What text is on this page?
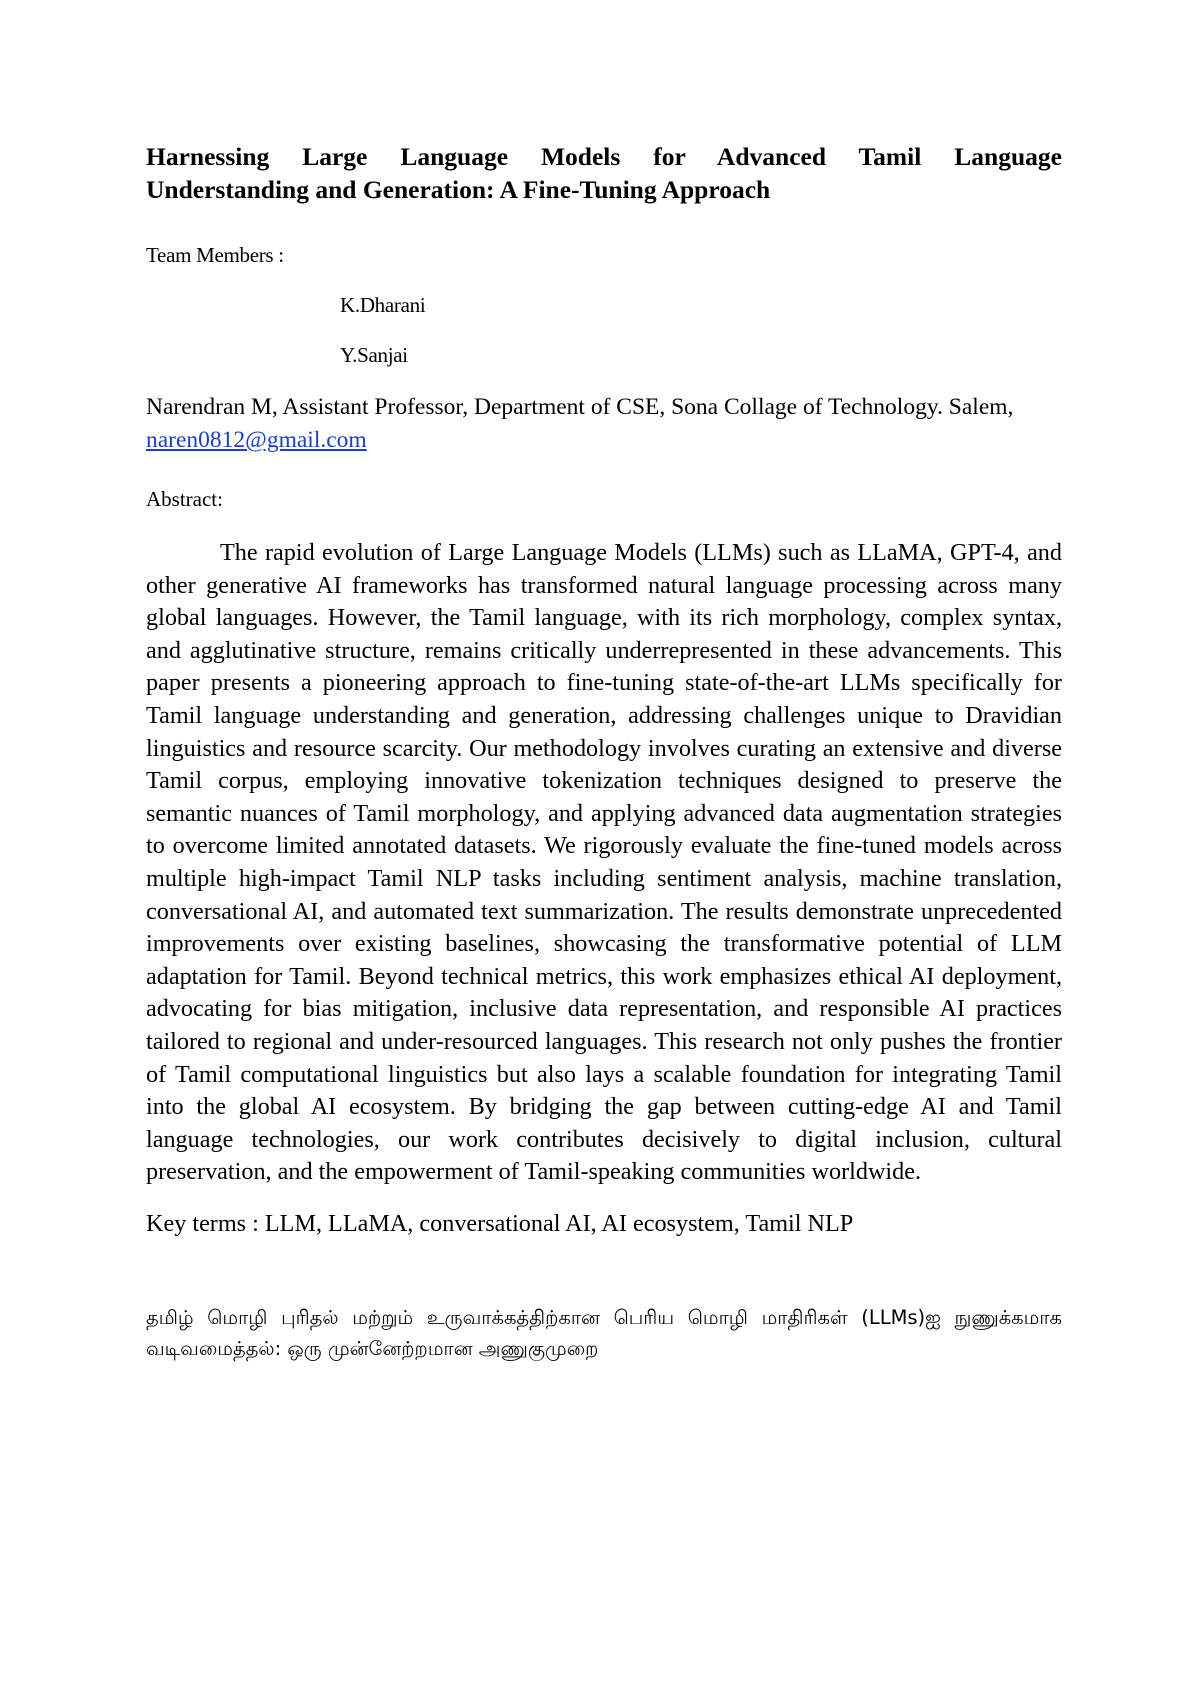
Harnessing Large Language Models for Advanced Tamil Language
Understanding and Generation: A Fine-Tuning Approach
Team Members :
K.Dharani
Y.Sanjai
Narendran M, Assistant Professor, Department of CSE, Sona Collage of Technology. Salem, naren0812@gmail.com
Abstract:

The rapid evolution of Large Language Models (LLMs) such as LLaMA, GPT-4, and other generative AI frameworks has transformed natural language processing across many global languages. However, the Tamil language, with its rich morphology, complex syntax, and agglutinative structure, remains critically underrepresented in these advancements. This paper presents a pioneering approach to fine-tuning state-of-the-art LLMs specifically for Tamil language understanding and generation, addressing challenges unique to Dravidian linguistics and resource scarcity. Our methodology involves curating an extensive and diverse Tamil corpus, employing innovative tokenization techniques designed to preserve the semantic nuances of Tamil morphology, and applying advanced data augmentation strategies to overcome limited annotated datasets. We rigorously evaluate the fine-tuned models across multiple high-impact Tamil NLP tasks including sentiment analysis, machine translation, conversational AI, and automated text summarization. The results demonstrate unprecedented improvements over existing baselines, showcasing the transformative potential of LLM adaptation for Tamil. Beyond technical metrics, this work emphasizes ethical AI deployment, advocating for bias mitigation, inclusive data representation, and responsible AI practices tailored to regional and under-resourced languages. This research not only pushes the frontier of Tamil computational linguistics but also lays a scalable foundation for integrating Tamil into the global AI ecosystem. By bridging the gap between cutting-edge AI and Tamil language technologies, our work contributes decisively to digital inclusion, cultural preservation, and the empowerment of Tamil-speaking communities worldwide.

Key terms : LLM, LLaMA, conversational AI, AI ecosystem, Tamil NLP
தமிழ் மொழி புரிதல் மற்றும் உருவாக்கத்திற்கான பெரிய மொழி மாதிரிகள் (LLMs)ஐ நுணுக்கமாக வடிவமைத்தல்: ஒரு முன்னேற்றமான அணுகுமுறை
